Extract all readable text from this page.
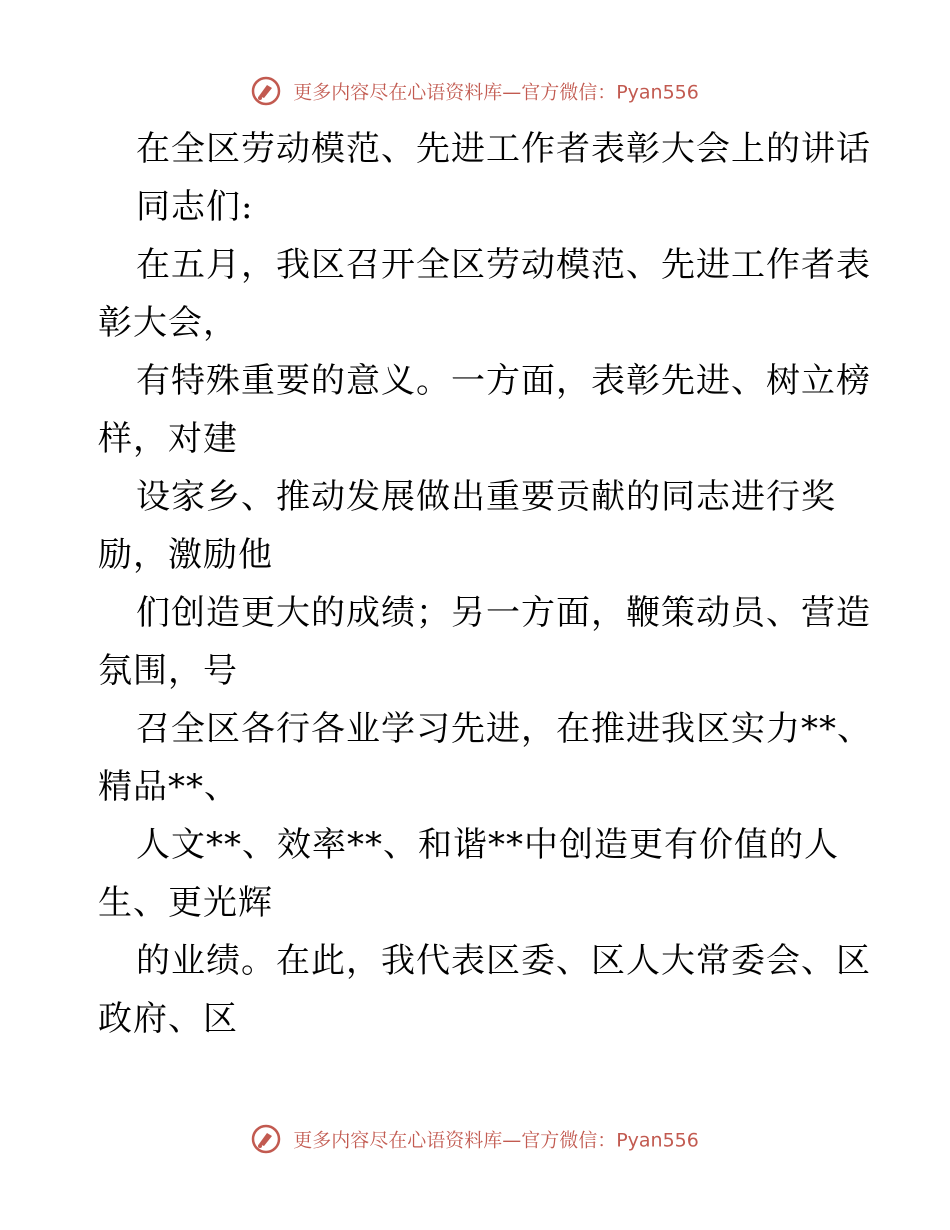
更多内容尽在心语资料库—官方微信：Pyan556
在全区劳动模范、先进工作者表彰大会上的讲话
同志们:
在五月，我区召开全区劳动模范、先进工作者表
彰大会，
有特殊重要的意义。一方面，表彰先进、树立榜
样，对建
设家乡、推动发展做出重要贡献的同志进行奖
励，激励他
们创造更大的成绩；另一方面，鞭策动员、营造
氛围，号
召全区各行各业学习先进，在推进我区实力**、
精品**、
人文**、效率**、和谐**中创造更有价值的人
生、更光辉
的业绩。在此，我代表区委、区人大常委会、区
政府、区
更多内容尽在心语资料库—官方微信：Pyan556
